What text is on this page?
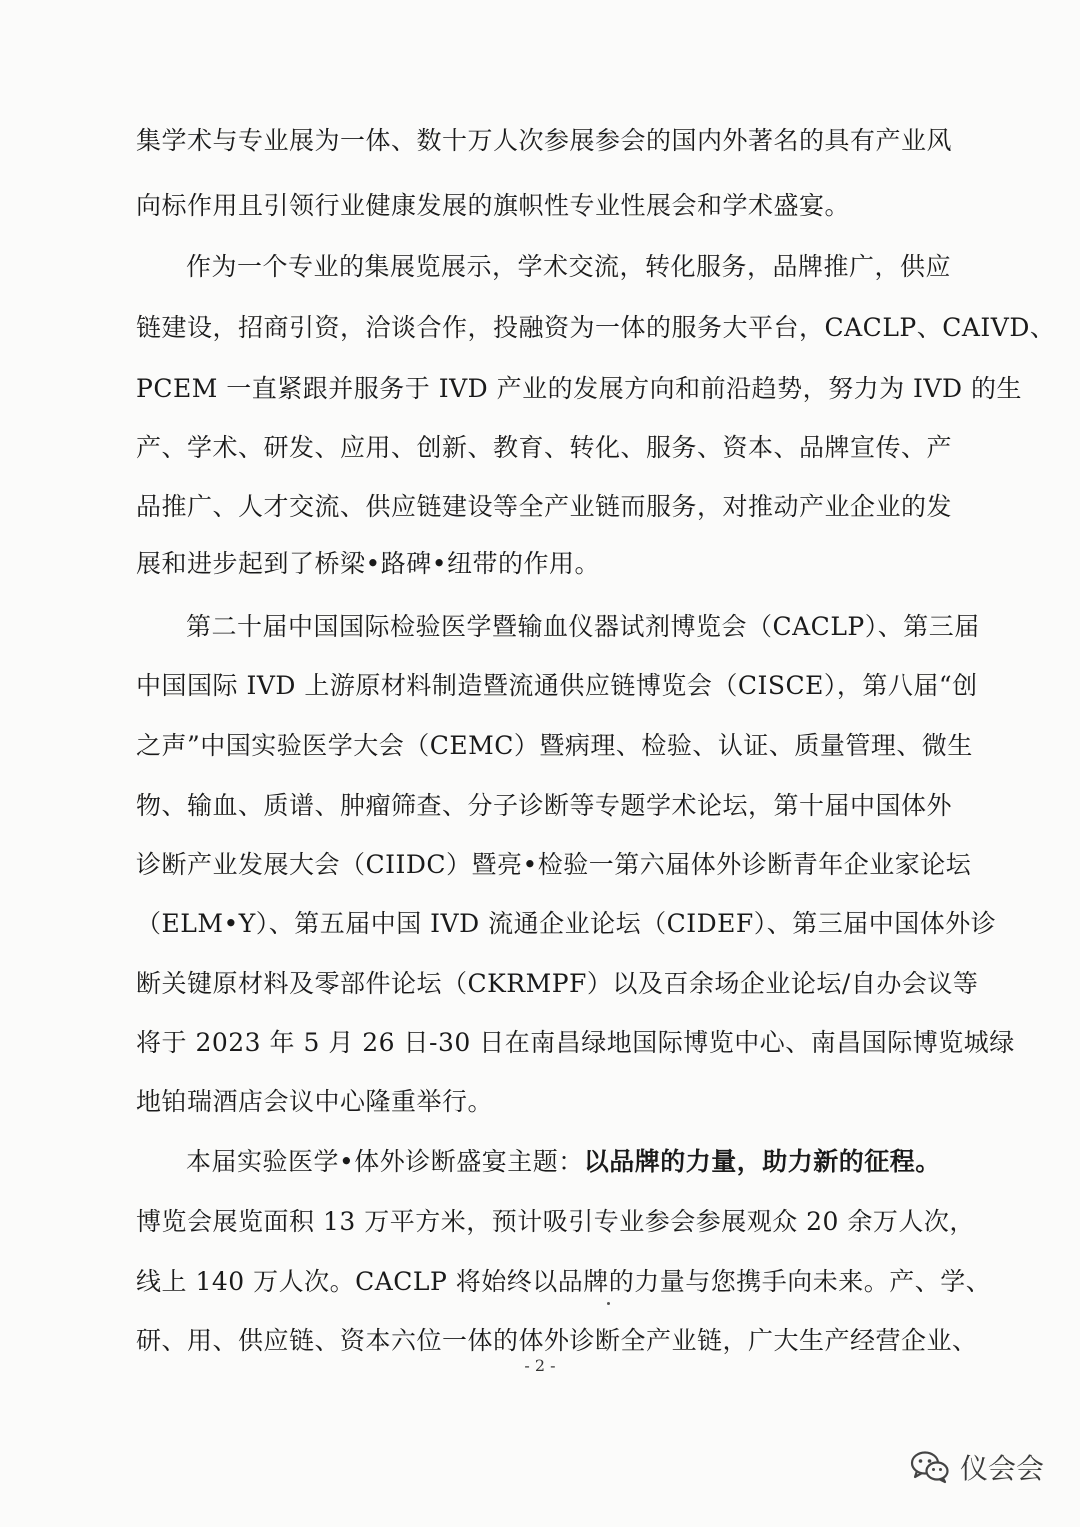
集学术与专业展为一体、数十万人次参展参会的国内外著名的具有产业风
向标作用且引领行业健康发展的旗帜性专业性展会和学术盛宴。
作为一个专业的集展览展示，学术交流，转化服务，品牌推广，供应
链建设，招商引资，洽谈合作，投融资为一体的服务大平台，CACLP、CAIVD、
PCEM 一直紧跟并服务于 IVD 产业的发展方向和前沿趋势，努力为 IVD 的生
产、学术、研发、应用、创新、教育、转化、服务、资本、品牌宣传、产
品推广、人才交流、供应链建设等全产业链而服务，对推动产业企业的发
展和进步起到了桥梁•路碑•纽带的作用。
第二十届中国国际检验医学暨输血仪器试剂博览会（CACLP）、第三届
中国国际 IVD 上游原材料制造暨流通供应链博览会（CISCE），第八届“创
之声”中国实验医学大会（CEMC）暨病理、检验、认证、质量管理、微生
物、输血、质谱、肿瘤筛查、分子诊断等专题学术论坛，第十届中国体外
诊断产业发展大会（CIIDC）暨亮•检验一第六届体外诊断青年企业家论坛
（ELM•Y）、第五届中国 IVD 流通企业论坛（CIDEF）、第三届中国体外诊
断关键原材料及零部件论坛（CKRMPF）以及百余场企业论坛/自办会议等
将于 2023 年 5 月 26 日-30 日在南昌绿地国际博览中心、南昌国际博览城绿
地铂瑞酒店会议中心隆重举行。
本届实验医学•体外诊断盛宴主题：以品牌的力量，助力新的征程。
博览会展览面积 13 万平方米，预计吸引专业参会参展观众 20 余万人次，
线上 140 万人次。CACLP 将始终以品牌的力量与您携手向未来。产、学、
研、用、供应链、资本六位一体的体外诊断全产业链，广大生产经营企业、
- 2 -
仪会会
